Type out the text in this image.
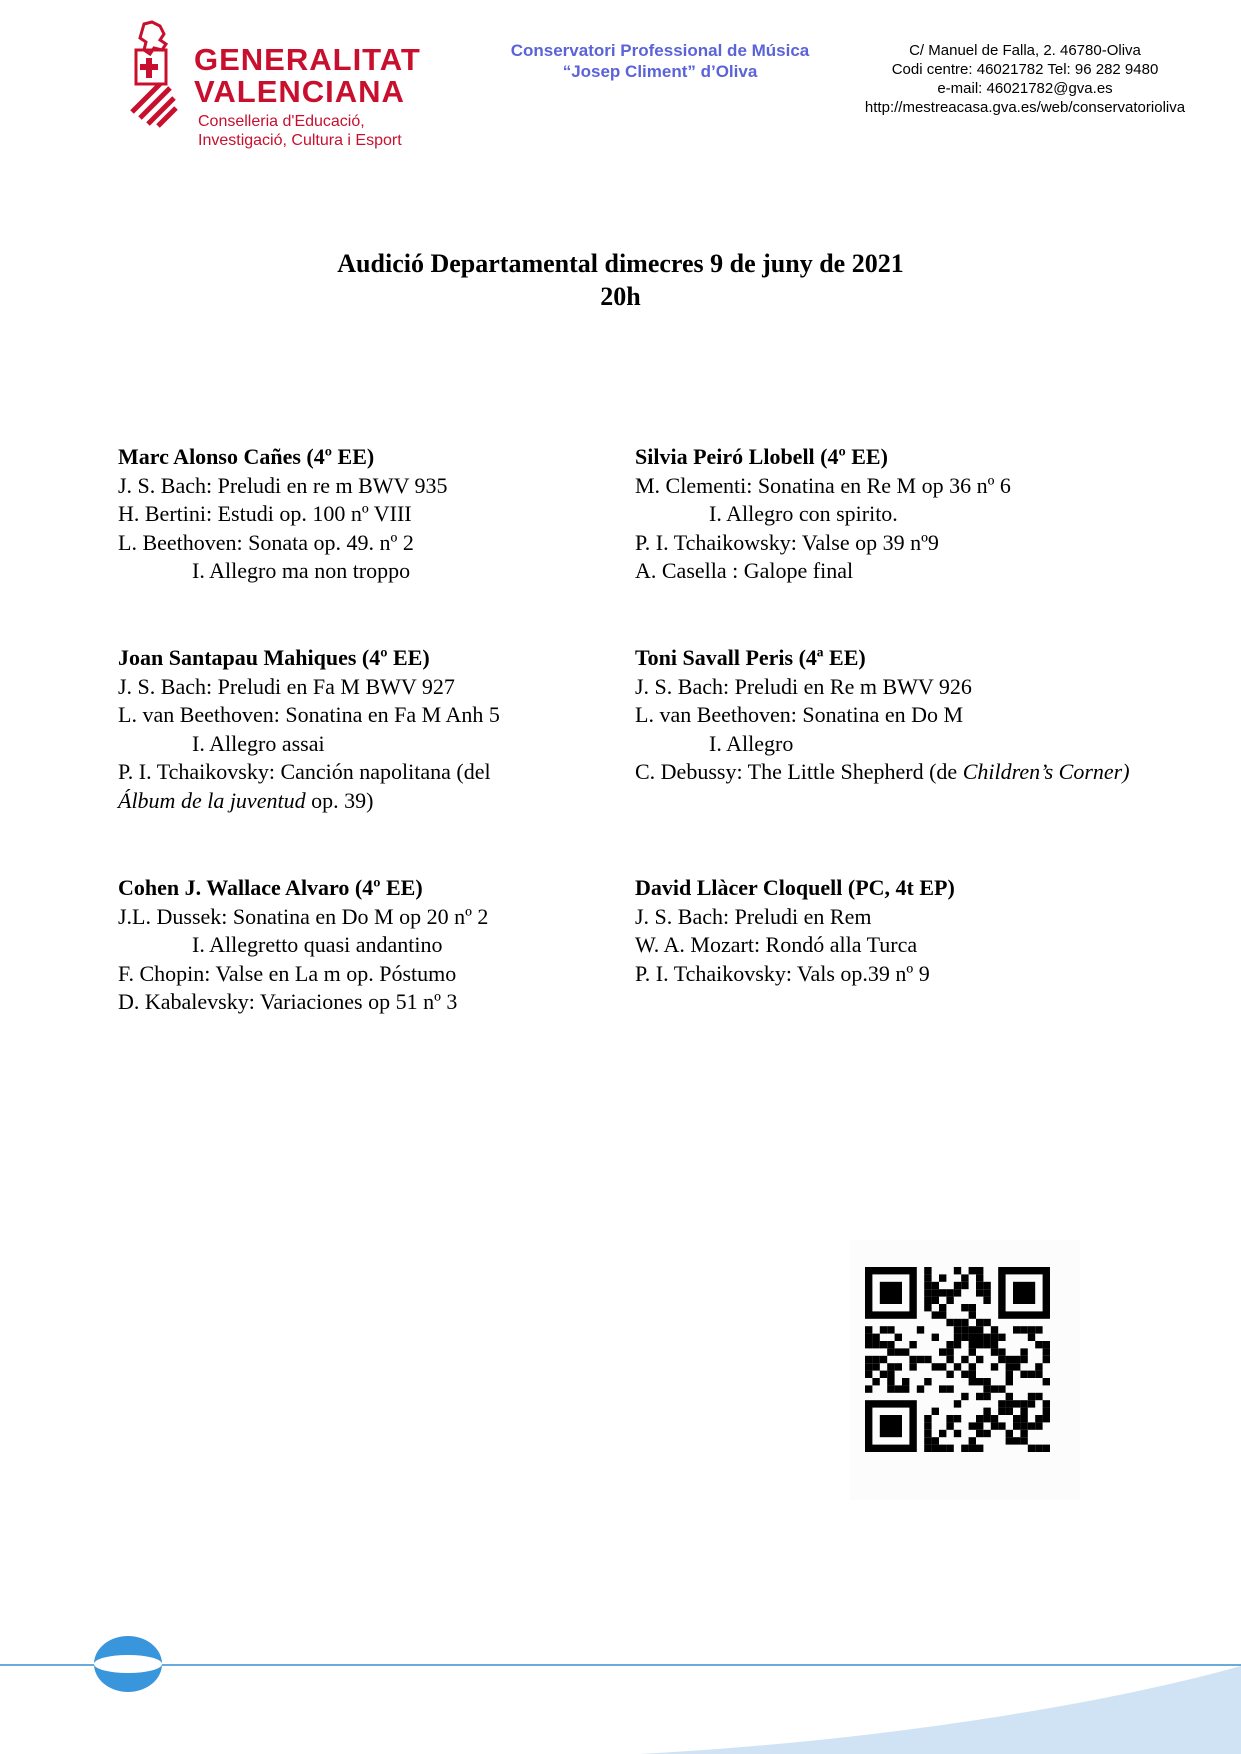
GENERALITAT
VALENCIANA
Conselleria d'Educació,
Investigació, Cultura i Esport
Conservatori Professional de Música
“Josep Climent” d’Oliva
C/ Manuel de Falla, 2. 46780-Oliva
Codi centre: 46021782 Tel: 96 282 9480
e-mail: 46021782@gva.es
http://mestreacasa.gva.es/web/conservatorioliva
Audició Departamental dimecres 9 de juny de 2021
20h
Marc Alonso Cañes (4º EE)
J. S. Bach: Preludi en re m BWV 935
H. Bertini: Estudi op. 100 nº VIII
L. Beethoven: Sonata op. 49. nº 2
I. Allegro ma non troppo
Silvia Peiró Llobell (4º EE)
M. Clementi: Sonatina en Re M op 36 nº 6
I. Allegro con spirito.
P. I. Tchaikowsky: Valse op 39 nº9
A. Casella : Galope final
Joan Santapau Mahiques (4º EE)
J. S. Bach: Preludi en Fa M BWV 927
L. van Beethoven: Sonatina en Fa M Anh 5
I. Allegro assai
P. I. Tchaikovsky: Canción napolitana (del
Álbum de la juventud op. 39)
Toni Savall Peris (4ª EE)
J. S. Bach: Preludi en Re m BWV 926
L. van Beethoven: Sonatina en Do M
I. Allegro
C. Debussy: The Little Shepherd (de Children’s Corner)
Cohen J. Wallace Alvaro (4º EE)
J.L. Dussek: Sonatina en Do M op 20 nº 2
I. Allegretto quasi andantino
F. Chopin: Valse en La m op. Póstumo
D. Kabalevsky: Variaciones op 51 nº 3
David Llàcer Cloquell (PC, 4t EP)
J. S. Bach: Preludi en Rem
W. A. Mozart: Rondó alla Turca
P. I. Tchaikovsky: Vals op.39 nº 9
